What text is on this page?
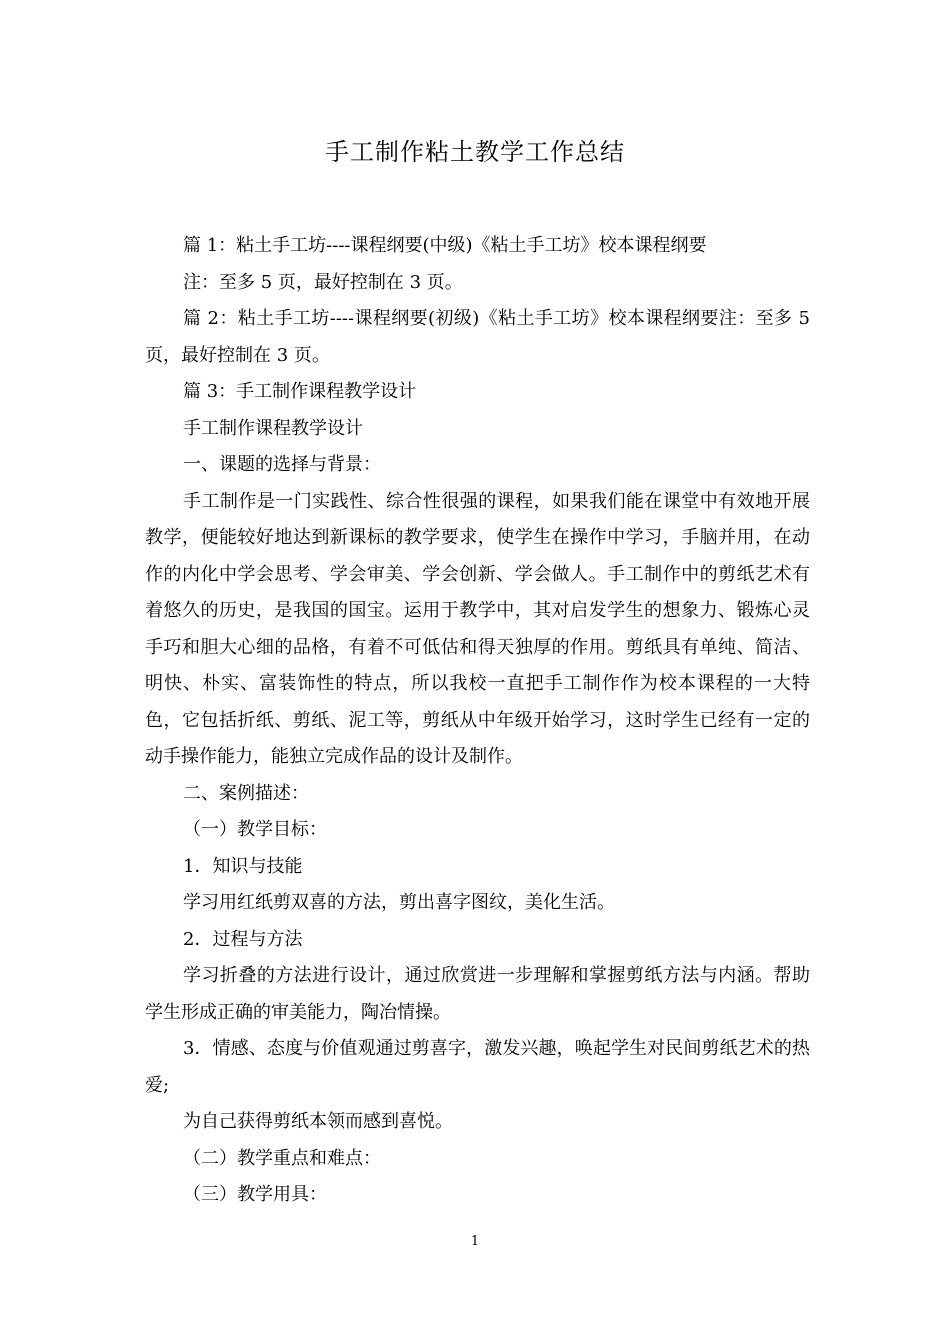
手工制作粘土教学工作总结

篇 1：粘土手工坊----课程纲要(中级)《粘土手工坊》校本课程纲要

注：至多 5 页，最好控制在 3 页。

篇 2：粘土手工坊----课程纲要(初级)《粘土手工坊》校本课程纲要注：至多 5 页，最好控制在 3 页。

篇 3：手工制作课程教学设计

手工制作课程教学设计

一、课题的选择与背景：

手工制作是一门实践性、综合性很强的课程，如果我们能在课堂中有效地开展教学，便能较好地达到新课标的教学要求，使学生在操作中学习，手脑并用，在动作的内化中学会思考、学会审美、学会创新、学会做人。手工制作中的剪纸艺术有着悠久的历史，是我国的国宝。运用于教学中，其对启发学生的想象力、锻炼心灵手巧和胆大心细的品格，有着不可低估和得天独厚的作用。剪纸具有单纯、简洁、明快、朴实、富装饰性的特点，所以我校一直把手工制作作为校本课程的一大特色，它包括折纸、剪纸、泥工等，剪纸从中年级开始学习，这时学生已经有一定的动手操作能力，能独立完成作品的设计及制作。

二、案例描述：

（一）教学目标：

1．知识与技能

学习用红纸剪双喜的方法，剪出喜字图纹，美化生活。

2．过程与方法

学习折叠的方法进行设计，通过欣赏进一步理解和掌握剪纸方法与内涵。帮助学生形成正确的审美能力，陶冶情操。

3．情感、态度与价值观通过剪喜字，激发兴趣，唤起学生对民间剪纸艺术的热爱;

为自己获得剪纸本领而感到喜悦。

（二）教学重点和难点：

（三）教学用具：

1
